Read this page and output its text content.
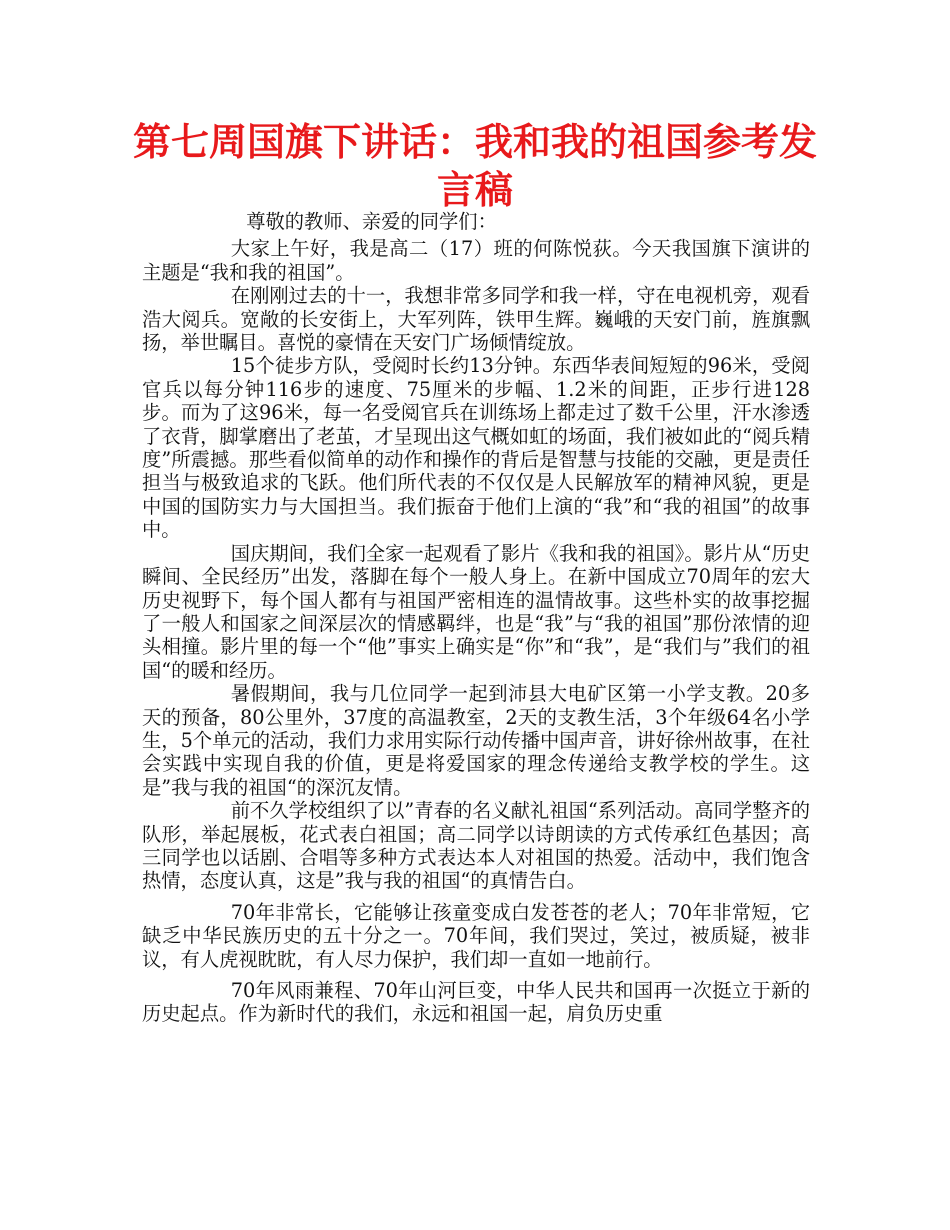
第七周国旗下讲话：我和我的祖国参考发言稿

尊敬的教师、亲爱的同学们：

大家上午好，我是高二（17）班的何陈悦荻。今天我国旗下演讲的主题是“我和我的祖国”。

在刚刚过去的十一，我想非常多同学和我一样，守在电视机旁，观看浩大阅兵。宽敞的长安街上，大军列阵，铁甲生辉。巍峨的天安门前，旌旗飘扬，举世瞩目。喜悦的豪情在天安门广场倾情绽放。

15个徒步方队，受阅时长约13分钟。东西华表间短短的96米，受阅官兵以每分钟116步的速度、75厘米的步幅、1.2米的间距，正步行进128步。而为了这96米，每一名受阅官兵在训练场上都走过了数千公里，汗水渗透了衣背，脚掌磨出了老茧，才呈现出这气概如虹的场面，我们被如此的“阅兵精度”所震撼。那些看似简单的动作和操作的背后是智慧与技能的交融，更是责任担当与极致追求的飞跃。他们所代表的不仅仅是人民解放军的精神风貌，更是中国的国防实力与大国担当。我们振奋于他们上演的“我”和“我的祖国”的故事中。

国庆期间，我们全家一起观看了影片《我和我的祖国》。影片从“历史瞬间、全民经历”出发，落脚在每个一般人身上。在新中国成立70周年的宏大历史视野下，每个国人都有与祖国严密相连的温情故事。这些朴实的故事挖掘了一般人和国家之间深层次的情感羁绊，也是“我”与“我的祖国”那份浓情的迎头相撞。影片里的每一个“他”事实上确实是“你”和“我”，是“我们与”我们的祖国“的暖和经历。

暑假期间，我与几位同学一起到沛县大电矿区第一小学支教。20多天的预备，80公里外，37度的高温教室，2天的支教生活，3个年级64名小学生，5个单元的活动，我们力求用实际行动传播中国声音，讲好徐州故事，在社会实践中实现自我的价值，更是将爱国家的理念传递给支教学校的学生。这是”我与我的祖国“的深沉友情。

前不久学校组织了以”青春的名义献礼祖国“系列活动。高同学整齐的队形，举起展板，花式表白祖国；高二同学以诗朗读的方式传承红色基因；高三同学也以话剧、合唱等多种方式表达本人对祖国的热爱。活动中，我们饱含热情，态度认真，这是”我与我的祖国“的真情告白。

70年非常长，它能够让孩童变成白发苍苍的老人；70年非常短，它缺乏中华民族历史的五十分之一。70年间，我们哭过，笑过，被质疑，被非议，有人虎视眈眈，有人尽力保护，我们却一直如一地前行。

70年风雨兼程、70年山河巨变，中华人民共和国再一次挺立于新的历史起点。作为新时代的我们，永远和祖国一起，肩负历史重
